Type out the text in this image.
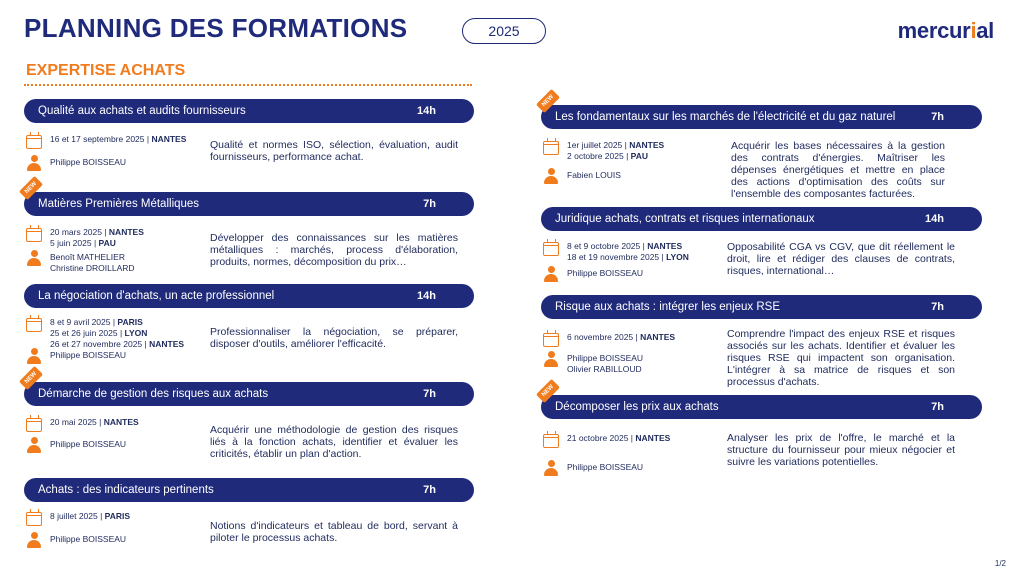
PLANNING DES FORMATIONS	2025	mercurial
EXPERTISE ACHATS
Qualité aux achats et audits fournisseurs	14h
16 et 17 septembre 2025 | NANTES
Philippe BOISSEAU
Qualité et normes ISO, sélection, évaluation, audit fournisseurs, performance achat.
Matières Premières Métalliques	7h
NEW
20 mars 2025 | NANTES
5 juin 2025 | PAU
Benoît MATHELIER
Christine DROILLARD
Développer des connaissances sur les matières métalliques : marchés, process d'élaboration, produits, normes, décomposition du prix…
La négociation d'achats, un acte professionnel	14h
8 et 9 avril 2025 | PARIS
25 et 26 juin 2025 | LYON
26 et 27 novembre 2025 | NANTES
Philippe BOISSEAU
Professionnaliser la négociation, se préparer, disposer d'outils, améliorer l'efficacité.
Démarche de gestion des risques aux achats	7h
NEW
20 mai 2025 | NANTES
Philippe BOISSEAU
Acquérir une méthodologie de gestion des risques liés à la fonction achats, identifier et évaluer les criticités, établir un plan d'action.
Achats : des indicateurs pertinents	7h
8 juillet 2025 | PARIS
Philippe BOISSEAU
Notions d'indicateurs et tableau de bord, servant à piloter le processus achats.
Les fondamentaux sur les marchés de l'électricité et du gaz naturel	7h
NEW
1er juillet 2025 | NANTES
2 octobre 2025 | PAU
Fabien LOUIS
Acquérir les bases nécessaires à la gestion des contrats d'énergies. Maîtriser les dépenses énergétiques et mettre en place des actions d'optimisation des coûts sur l'ensemble des composantes facturées.
Juridique achats, contrats et risques internationaux	14h
8 et 9 octobre 2025 | NANTES
18 et 19 novembre 2025 | LYON
Philippe BOISSEAU
Opposabilité CGA vs CGV, que dit réellement le droit, lire et rédiger des clauses de contrats, risques, international…
Risque aux achats : intégrer les enjeux RSE	7h
6 novembre 2025 | NANTES
Philippe BOISSEAU
Olivier RABILLOUD
Comprendre l'impact des enjeux RSE et risques associés sur les achats. Identifier et évaluer les risques RSE qui impactent son organisation. L'intégrer à sa matrice de risques et son processus d'achats.
Décomposer les prix aux achats	7h
NEW
21 octobre 2025 | NANTES
Philippe BOISSEAU
Analyser les prix de l'offre, le marché et la structure du fournisseur pour mieux négocier et suivre les variations potentielles.
1/2
